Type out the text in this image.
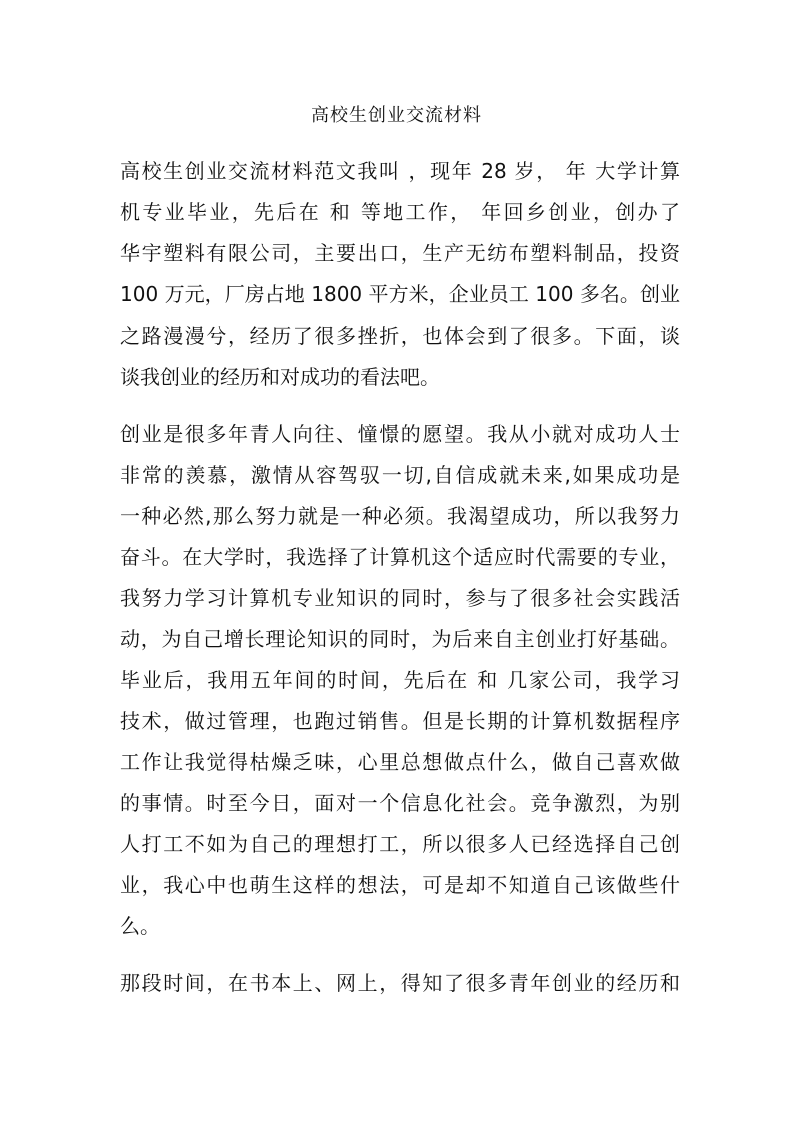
高校生创业交流材料
高校生创业交流材料范文我叫 ，现年 28 岁， 年 大学计算
机专业毕业，先后在 和 等地工作， 年回乡创业，创办了
华宇塑料有限公司，主要出口，生产无纺布塑料制品，投资
100 万元，厂房占地 1800 平方米，企业员工 100 多名。创业
之路漫漫兮，经历了很多挫折，也体会到了很多。下面，谈
谈我创业的经历和对成功的看法吧。
创业是很多年青人向往、憧憬的愿望。我从小就对成功人士
非常的羡慕，激情从容驾驭一切,自信成就未来,如果成功是
一种必然,那么努力就是一种必须。我渴望成功，所以我努力
奋斗。在大学时，我选择了计算机这个适应时代需要的专业，
我努力学习计算机专业知识的同时，参与了很多社会实践活
动，为自己增长理论知识的同时，为后来自主创业打好基础。
毕业后，我用五年间的时间，先后在 和 几家公司，我学习
技术，做过管理，也跑过销售。但是长期的计算机数据程序
工作让我觉得枯燥乏味，心里总想做点什么，做自己喜欢做
的事情。时至今日，面对一个信息化社会。竞争激烈，为别
人打工不如为自己的理想打工，所以很多人已经选择自己创
业，我心中也萌生这样的想法，可是却不知道自己该做些什
么。
那段时间，在书本上、网上，得知了很多青年创业的经历和
